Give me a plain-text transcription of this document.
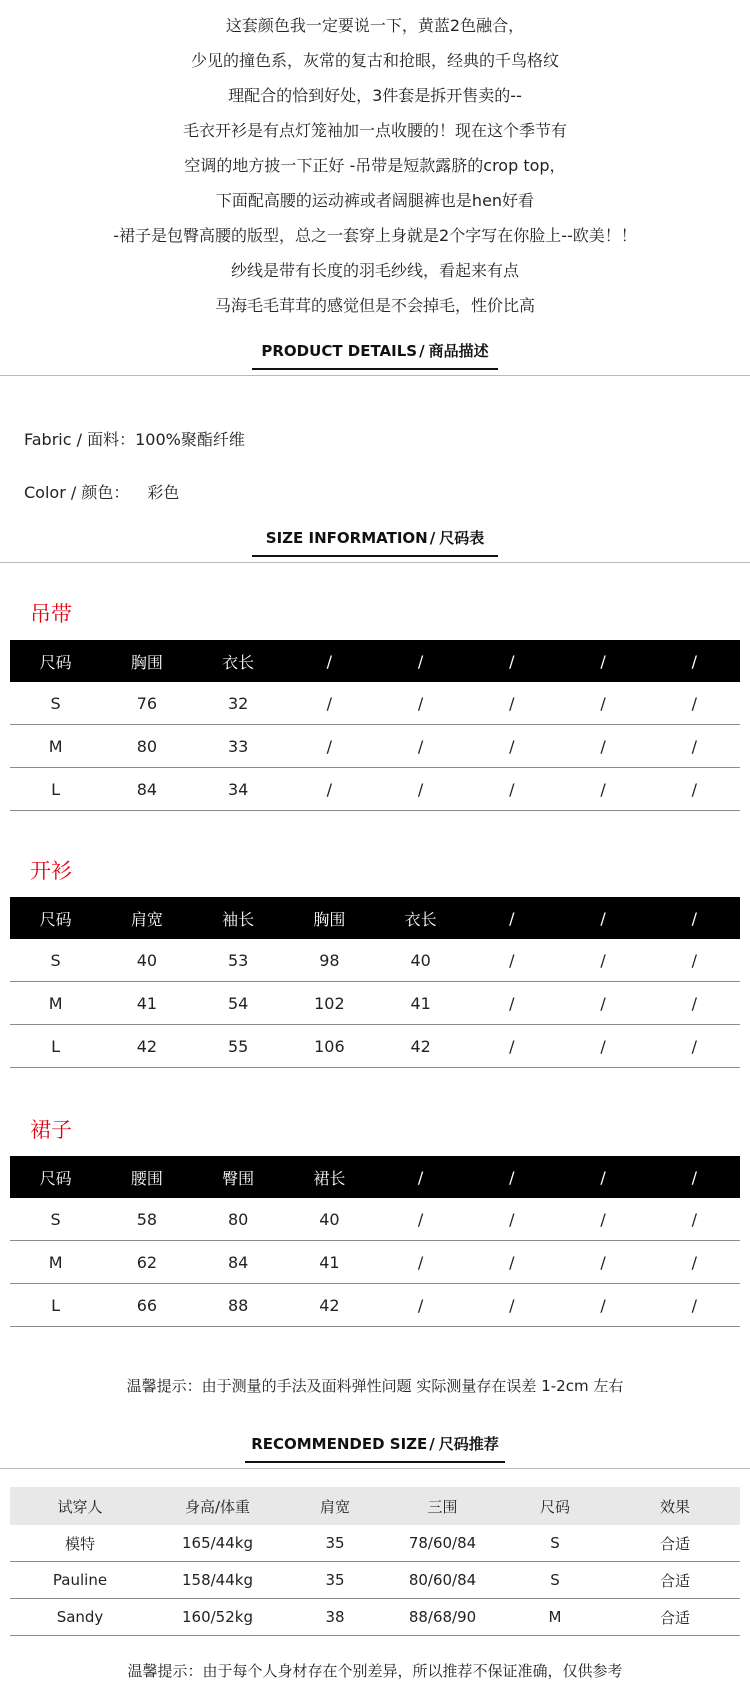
这套颜色我一定要说一下，黄蓝2色融合，
少见的撞色系，灰常的复古和抢眼，经典的千鸟格纹
理配合的恰到好处，3件套是拆开售卖的--
毛衣开衫是有点灯笼袖加一点收腰的！现在这个季节有
空调的地方披一下正好 -吊带是短款露脐的crop top，
下面配高腰的运动裤或者阔腿裤也是hen好看
-裙子是包臀高腰的版型，总之一套穿上身就是2个字写在你脸上--欧美！！
纱线是带有长度的羽毛纱线，看起来有点
马海毛毛茸茸的感觉但是不会掉毛，性价比高
PRODUCT DETAILS / 商品描述
Fabric / 面料：100%聚酯纤维
Color / 颜色： 彩色
SIZE INFORMATION / 尺码表
吊带
尺码	胸围	衣长	/	/	/	/	/
S	76	32	/	/	/	/	/
M	80	33	/	/	/	/	/
L	84	34	/	/	/	/	/
开衫
尺码	肩宽	袖长	胸围	衣长	/	/	/
S	40	53	98	40	/	/	/
M	41	54	102	41	/	/	/
L	42	55	106	42	/	/	/
裙子
尺码	腰围	臀围	裙长	/	/	/	/
S	58	80	40	/	/	/	/
M	62	84	41	/	/	/	/
L	66	88	42	/	/	/	/
温馨提示：由于测量的手法及面料弹性问题 实际测量存在误差 1-2cm 左右
RECOMMENDED SIZE / 尺码推荐
试穿人	身高/体重	肩宽	三围	尺码	效果
模特	165/44kg	35	78/60/84	S	合适
Pauline	158/44kg	35	80/60/84	S	合适
Sandy	160/52kg	38	88/68/90	M	合适
温馨提示：由于每个人身材存在个别差异，所以推荐不保证准确，仅供参考
